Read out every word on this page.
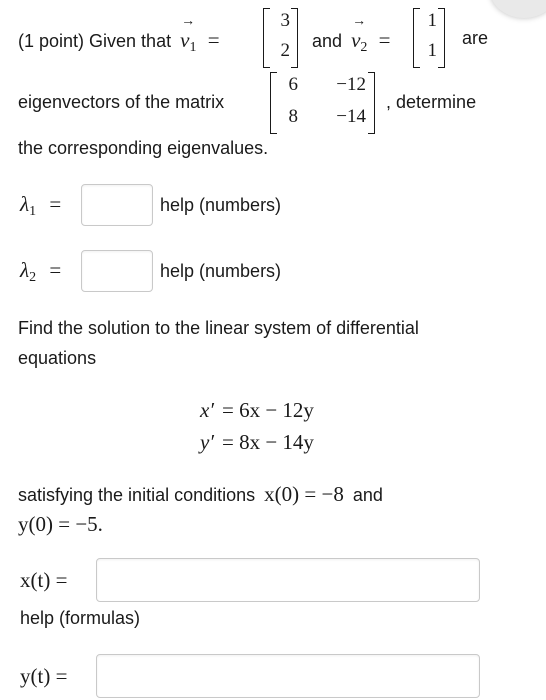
(1 point) Given that
→
$v_1$ =
3
2 and
→
$v_2$ =
1
1
are
eigenvectors of the matrix
6	−12
8	−14
, determine
the corresponding eigenvalues.
$\lambda_1$ =	help (numbers)
$\lambda_2$ =	help (numbers)
Find the solution to the linear system of differential
equations
x′ = 6x − 12y
y′ = 8x − 14y
satisfying the initial conditions x(0) = −8 and
y(0) = −5.
x(t) =
help (formulas)
y(t) =
